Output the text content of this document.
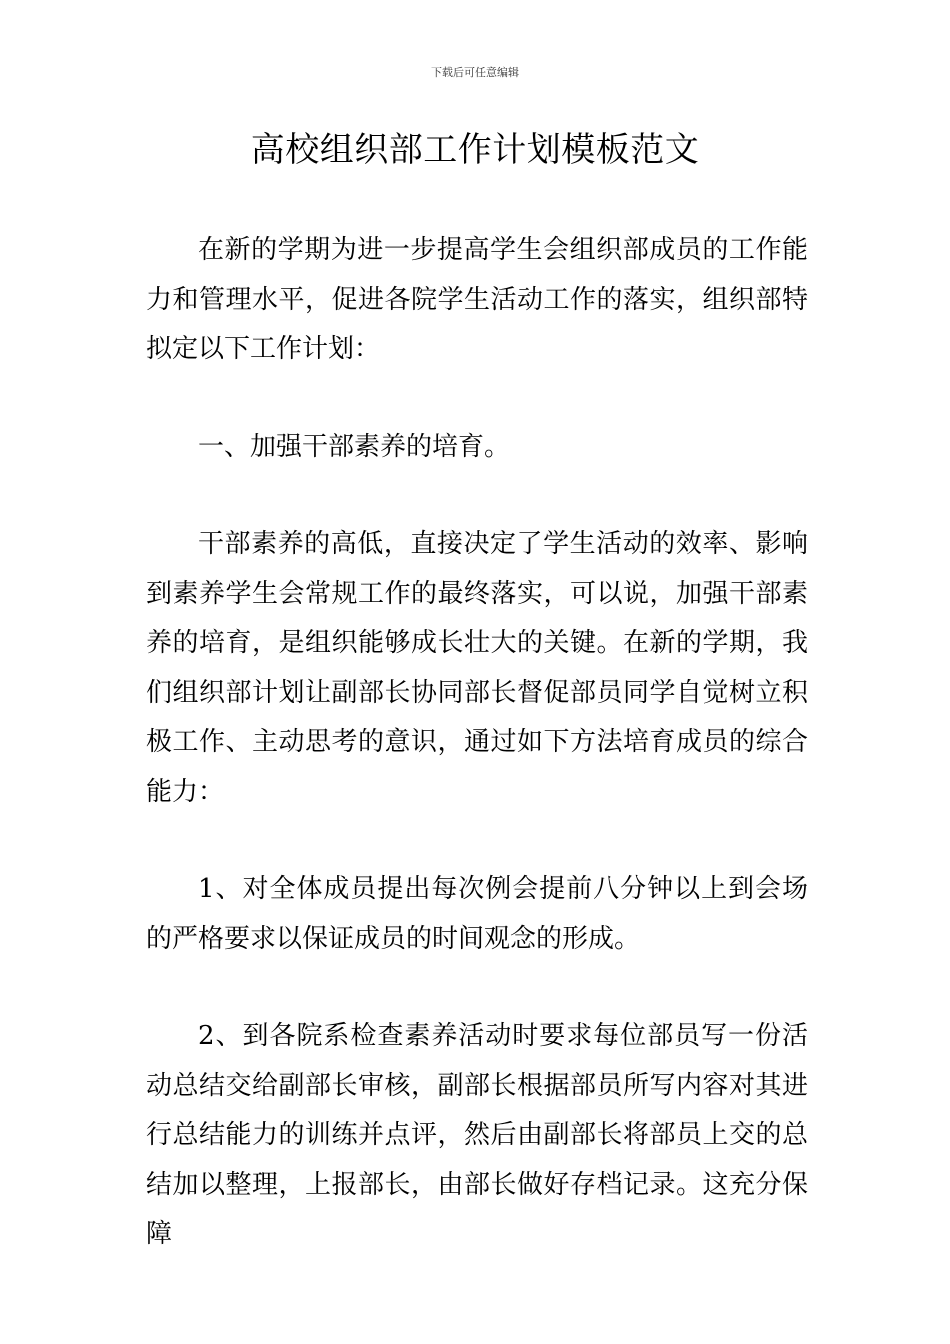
下载后可任意编辑
高校组织部工作计划模板范文

在新的学期为进一步提高学生会组织部成员的工作能力和管理水平，促进各院学生活动工作的落实，组织部特拟定以下工作计划：

一、加强干部素养的培育。

干部素养的高低，直接决定了学生活动的效率、影响到素养学生会常规工作的最终落实，可以说，加强干部素养的培育，是组织能够成长壮大的关键。在新的学期，我们组织部计划让副部长协同部长督促部员同学自觉树立积极工作、主动思考的意识，通过如下方法培育成员的综合能力：

1、对全体成员提出每次例会提前八分钟以上到会场的严格要求以保证成员的时间观念的形成。

2、到各院系检查素养活动时要求每位部员写一份活动总结交给副部长审核，副部长根据部员所写内容对其进行总结能力的训练并点评，然后由副部长将部员上交的总结加以整理，上报部长，由部长做好存档记录。这充分保障
